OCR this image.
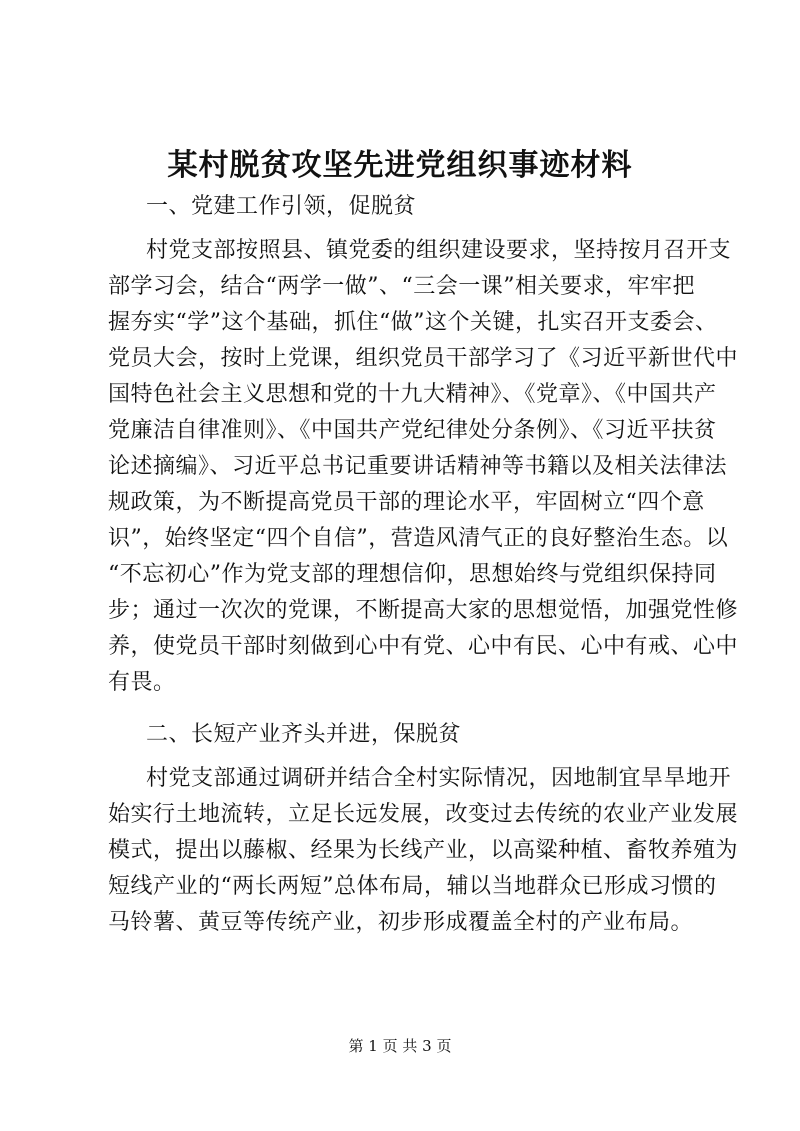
某村脱贫攻坚先进党组织事迹材料
一、党建工作引领，促脱贫
村党支部按照县、镇党委的组织建设要求，坚持按月召开支
部学习会，结合“两学一做”、“三会一课”相关要求，牢牢把
握夯实“学”这个基础，抓住“做”这个关键，扎实召开支委会、
党员大会，按时上党课，组织党员干部学习了《习近平新世代中
国特色社会主义思想和党的十九大精神》、《党章》、《中国共产
党廉洁自律准则》、《中国共产党纪律处分条例》、《习近平扶贫
论述摘编》、习近平总书记重要讲话精神等书籍以及相关法律法
规政策，为不断提高党员干部的理论水平，牢固树立“四个意
识”，始终坚定“四个自信”，营造风清气正的良好整治生态。以
“不忘初心”作为党支部的理想信仰，思想始终与党组织保持同
步；通过一次次的党课，不断提高大家的思想觉悟，加强党性修
养，使党员干部时刻做到心中有党、心中有民、心中有戒、心中
有畏。
二、长短产业齐头并进，保脱贫
村党支部通过调研并结合全村实际情况，因地制宜旱旱地开
始实行土地流转，立足长远发展，改变过去传统的农业产业发展
模式，提出以藤椒、经果为长线产业，以高粱种植、畜牧养殖为
短线产业的“两长两短”总体布局，辅以当地群众已形成习惯的
马铃薯、黄豆等传统产业，初步形成覆盖全村的产业布局。
第 1 页 共 3 页
